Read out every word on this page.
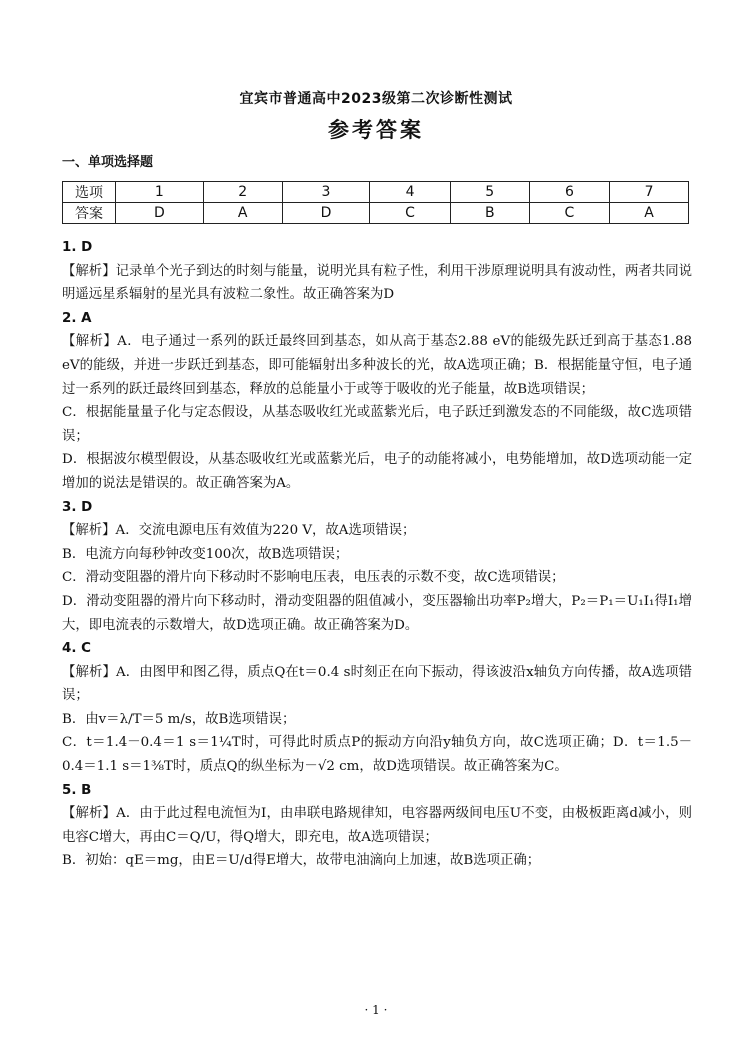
宜宾市普通高中2023级第二次诊断性测试
参考答案
一、单项选择题
选项	1	2	3	4	5	6	7
答案	D	A	D	C	B	C	A

1. D

【解析】记录单个光子到达的时刻与能量，说明光具有粒子性，利用干涉原理说明具有波动性，两者共同说明遥远星系辐射的星光具有波粒二象性。故正确答案为D

2. A

【解析】A．电子通过一系列的跃迁最终回到基态，如从高于基态2.88 eV的能级先跃迁到高于基态1.88 eV的能级，并进一步跃迁到基态，即可能辐射出多种波长的光，故A选项正确；B．根据能量守恒，电子通过一系列的跃迁最终回到基态，释放的总能量小于或等于吸收的光子能量，故B选项错误；

C．根据能量量子化与定态假设，从基态吸收红光或蓝紫光后，电子跃迁到激发态的不同能级，故C选项错误；

D．根据波尔模型假设，从基态吸收红光或蓝紫光后，电子的动能将减小，电势能增加，故D选项动能一定增加的说法是错误的。故正确答案为A。

3. D

【解析】A．交流电源电压有效值为220 V，故A选项错误；

B．电流方向每秒钟改变100次，故B选项错误；

C．滑动变阻器的滑片向下移动时不影响电压表，电压表的示数不变，故C选项错误；

D．滑动变阻器的滑片向下移动时，滑动变阻器的阻值减小，变压器输出功率P₂增大，P₂＝P₁＝U₁I₁得I₁增大，即电流表的示数增大，故D选项正确。故正确答案为D。

4. C

【解析】A．由图甲和图乙得，质点Q在t＝0.4 s时刻正在向下振动，得该波沿x轴负方向传播，故A选项错误；

B．由v＝λ/T＝5 m/s，故B选项错误；

C．t＝1.4－0.4＝1 s＝1¼T时，可得此时质点P的振动方向沿y轴负方向，故C选项正确；D．t＝1.5－0.4＝1.1 s＝1⅜T时，质点Q的纵坐标为－√2 cm，故D选项错误。故正确答案为C。

5. B

【解析】A．由于此过程电流恒为I，由串联电路规律知，电容器两级间电压U不变，由极板距离d减小，则电容C增大，再由C＝Q/U，得Q增大，即充电，故A选项错误；

B．初始：qE＝mg，由E＝U/d得E增大，故带电油滴向上加速，故B选项正确；

· 1 ·
